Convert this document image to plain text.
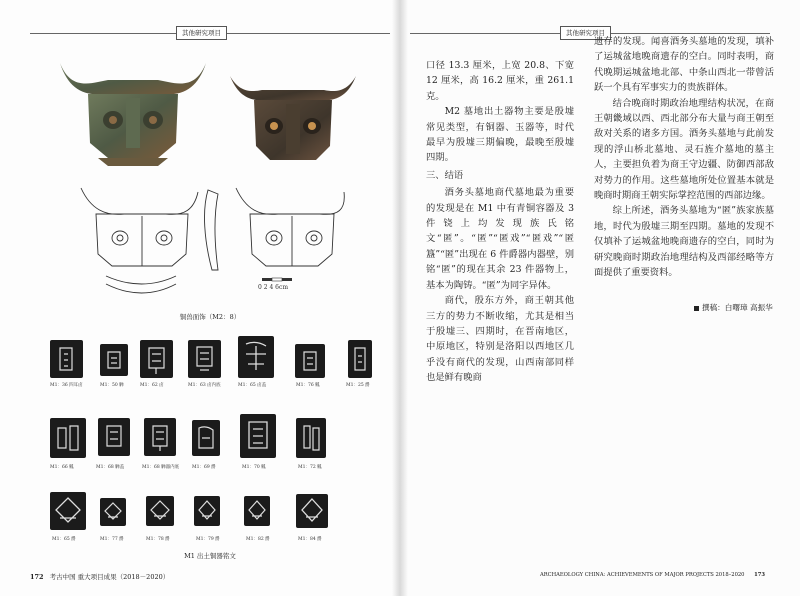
其他研究项目
0 2 4 6cm
铜兽面饰（M2：8）
M1：36 四耳卣	M1：50 觯	M1：62 卣	M1：63 卣内底	M1：65 卣盖	M1：76 觚	M1：25 爵
M1：66 觚	M1：68 觯盖	M1：68 觯器内底	M1：69 爵	M1：70 觚	M1：72 觚
M1：65 爵	M1：77 爵	M1：78 爵	M1：79 爵	M1：82 爵	M1：84 爵
M1 出土铜器铭文
172 考古中国 重大项目成果（2018－2020）
其他研究项目

口径 13.3 厘米，上宽 20.8、下宽 12 厘米，高 16.2 厘米，重 261.1 克。

M2 墓地出土器物主要是殷墟常见类型，有铜器、玉器等，时代最早为殷墟三期偏晚，最晚至殷墟四期。

三、结语

酒务头墓地商代墓地最为重要的发现是在 M1 中有青铜容器及 3 件铙上均发现族氏铭文“匿”。“匿”“匿戏”“匿戏”“匿簋”“匿”出现在 6 件爵器内器壁，别铭“匿”的现在其余 23 件器物上，基本为陶铸。“匿”为同字异体。

商代，殷东方外，商王朝其他三方的势力不断收缩，尤其是相当于殷墟三、四期时，在晋南地区，中原地区，特别是洛阳以西地区几乎没有商代的发现，山西南部同样也是鲜有晚商

遗存的发现。闻喜酒务头墓地的发现，填补了运城盆地晚商遗存的空白。同时表明，商代晚期运城盆地北部、中条山西北一带曾活跃一个具有军事实力的贵族群体。

结合晚商时期政治地理结构状况，在商王朝畿域以西、西北部分布大量与商王朝至敌对关系的诸多方国。酒务头墓地与此前发现的浮山桥北墓地、灵石旌介墓地的墓主人，主要担负着为商王守边疆、防御西部敌对势力的作用。这些墓地所处位置基本就是晚商时期商王朝实际掌控范围的西部边缘。

综上所述，酒务头墓地为“匿”族家族墓地，时代为殷墟三期至四期。墓地的发现不仅填补了运城盆地晚商遗存的空白，同时为研究晚商时期政治地理结构及西部经略等方面提供了重要资料。

撰稿：白曙璋 高振华
ARCHAEOLOGY CHINA: ACHIEVEMENTS OF MAJOR PROJECTS 2018–2020 173
